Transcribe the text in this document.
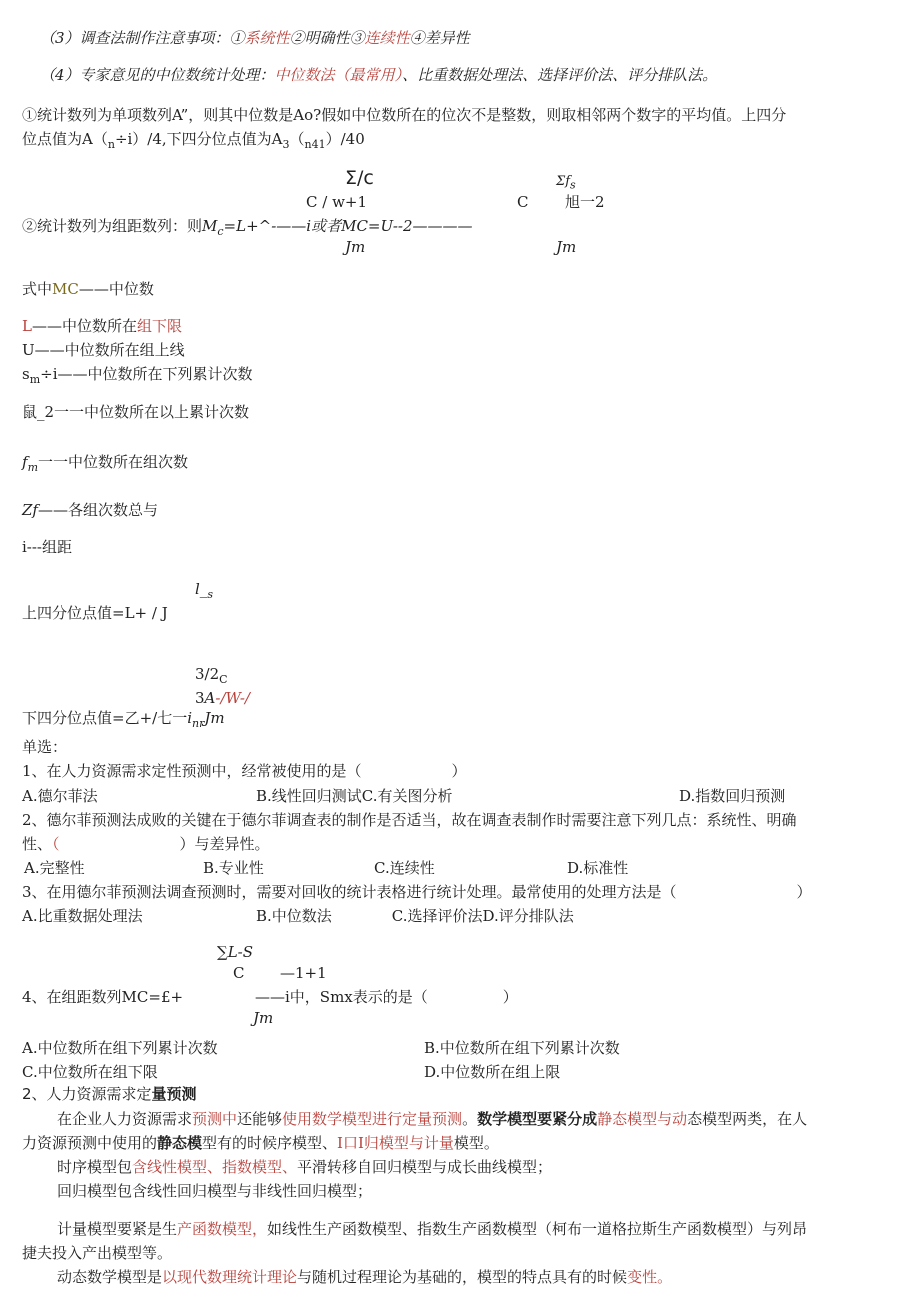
（3）调查法制作注意事项：①系统性②明确性③连续性④差异性
（4）专家意见的中位数统计处理：中位数法（最常用）、比重数据处理法、选择评价法、评分排队法。
①统计数列为单项数列A”，则其中位数是Ao?假如中位数所在的位次不是整数，则取相邻两个数字的平均值。上四分
位点值为$A(_n\div i)/4$,下四分位点值为$A_3(_{n41})/40$
Σ/c	$\Sigma f_s$
C / w+1	C 旭一2
②统计数列为组距数列：则$M_c=L+\^{}-——i$或者MC=U--2————
Jm	Jm
式中MC——中位数
L——中位数所在组下限
U——中位数所在组上线
$s_m\div i——$中位数所在下列累计次数
鼠_2一一中位数所在以上累计次数
$f_m$一一中位数所在组次数
Zf——各组次数总与
i---组距
$l\__s$
上四分位点值=L+ / J
$3/2_C$
3A-/W-/
下四分位点值=乙+/七一$i_{nr}Jm$
单选：
1、在人力资源需求定性预测中，经常被使用的是（　　　　　　）
A.德尔菲法	B.线性回归测试C.有关图分析	D.指数回归预测
2、德尔菲预测法成败的关键在于德尔菲调查表的制作是否适当，故在调查表制作时需要注意下列几点：系统性、明确
性、（　　　　　　　　）与差异性。
A.完整性	B.专业性	C.连续性	D.标准性
3、在用德尔菲预测法调查预测时，需要对回收的统计表格进行统计处理。最常使用的处理方法是（　　　　　　　　）
A.比重数据处理法	B.中位数法　　　　C.选择评价法D.评分排队法
∑L-S
C —1+1
4、在组距数列MC=£+	——i中，Smx表示的是（　　　　　）
Jm
A.中位数所在组下列累计次数	B.中位数所在组下列累计次数
C.中位数所在组下限	D.中位数所在组上限
2、人力资源需求定量预测
在企业人力资源需求预测中还能够使用数学模型进行定量预测。数学模型要紧分成静态模型与动态模型两类，在人
力资源预测中使用的静态模型有的时候序模型、I口I归模型与计量模型。
时序模型包含线性模型、指数模型、平滑转移自回归模型与成长曲线模型；
回归模型包含线性回归模型与非线性回归模型；
计量模型要紧是生产函数模型，如线性生产函数模型、指数生产函数模型（柯布一道格拉斯生产函数模型）与列昂
捷夫投入产出模型等。
动态数学模型是以现代数理统计理论与随机过程理论为基础的，模型的特点具有的时候变性。
